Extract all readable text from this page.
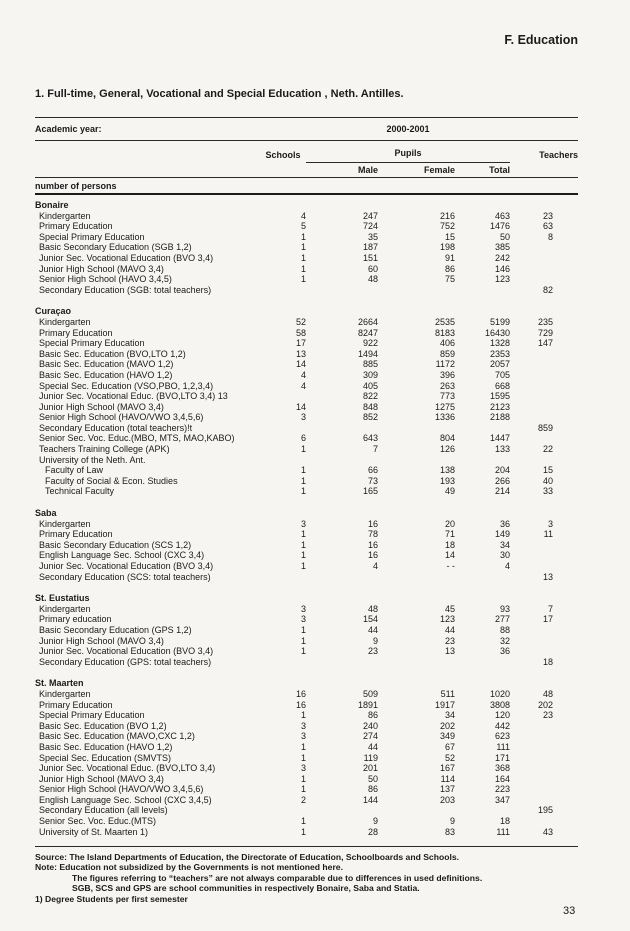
F. Education
1. Full-time, General, Vocational and Special Education , Neth. Antilles.
Academic year:	2000-2001
Schools	Pupils	Teachers
Male	Female	Total
number of persons

Bonaire					
Kindergarten	4	247	216	463	23
Primary Education	5	724	752	1476	63
Special Primary Education	1	35	15	50	8
Basic Secondary Education (SGB 1,2)	1	187	198	385	
Junior Sec. Vocational Education (BVO 3,4)	1	151	91	242	
Junior High School (MAVO 3,4)	1	60	86	146	
Senior High School (HAVO 3,4,5)	1	48	75	123	
Secondary Education (SGB: total teachers)					82

Curaçao					
Kindergarten	52	2664	2535	5199	235
Primary Education	58	8247	8183	16430	729
Special Primary Education	17	922	406	1328	147
Basic Sec. Education (BVO,LTO 1,2)	13	1494	859	2353	
Basic Sec. Education (MAVO 1,2)	14	885	1172	2057	
Basic Sec. Education (HAVO 1,2)	4	309	396	705	
Special Sec. Education (VSO,PBO, 1,2,3,4)	4	405	263	668	
Junior Sec. Vocational Educ. (BVO,LTO 3,4) 13		822	773	1595	
Junior High School (MAVO 3,4)	14	848	1275	2123	
Senior High School (HAVO/VWO 3,4,5,6)	3	852	1336	2188	
Secondary Education (total teachers)!t					859
Senior Sec. Voc. Educ.(MBO, MTS, MAO,KABO)	6	643	804	1447	
Teachers Training College (APK)	1	7	126	133	22
University of the Neth. Ant.					
Faculty of Law	1	66	138	204	15
Faculty of Social & Econ. Studies	1	73	193	266	40
Technical Faculty	1	165	49	214	33

Saba					
Kindergarten	3	16	20	36	3
Primary Education	1	78	71	149	11
Basic Secondary Education (SCS 1,2)	1	16	18	34	
English Language Sec. School (CXC 3,4)	1	16	14	30	
Junior Sec. Vocational Education (BVO 3,4)	1	4	- -	4	
Secondary Education (SCS: total teachers)					13

St. Eustatius					
Kindergarten	3	48	45	93	7
Primary education	3	154	123	277	17
Basic Secondary Education (GPS 1,2)	1	44	44	88	
Junior High School (MAVO 3,4)	1	9	23	32	
Junior Sec. Vocational Education (BVO 3,4)	1	23	13	36	
Secondary Education (GPS: total teachers)					18

St. Maarten					
Kindergarten	16	509	511	1020	48
Primary Education	16	1891	1917	3808	202
Special Primary Education	1	86	34	120	23
Basic Sec. Education (BVO 1,2)	3	240	202	442	
Basic Sec. Education (MAVO,CXC 1,2)	3	274	349	623	
Basic Sec. Education (HAVO 1,2)	1	44	67	111	
Special Sec. Education (SMVTS)	1	119	52	171	
Junior Sec. Vocational Educ. (BVO,LTO 3,4)	3	201	167	368	
Junior High School (MAVO 3,4)	1	50	114	164	
Senior High School (HAVO/VWO 3,4,5,6)	1	86	137	223	
English Language Sec. School (CXC 3,4,5)	2	144	203	347	
Secondary Education (all levels)					195
Senior Sec. Voc. Educ.(MTS)	1	9	9	18	
University of St. Maarten 1)	1	28	83	111	43
Source: The Island Departments of Education, the Directorate of Education, Schoolboards and Schools.
Note: Education not subsidized by the Governments is not mentioned here.
The figures referring to “teachers” are not always comparable due to differences in used definitions.
SGB, SCS and GPS are school communities in respectively Bonaire, Saba and Statia.
1) Degree Students per first semester
33
